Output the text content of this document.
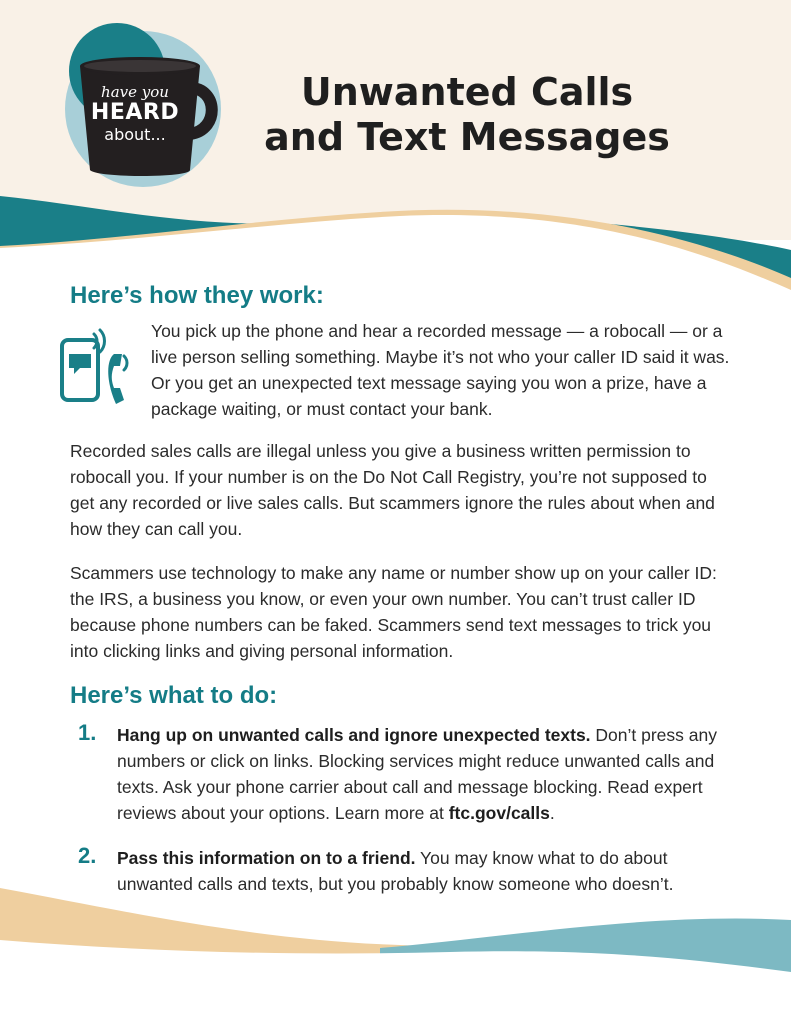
have you
HEARD
about...
Unwanted Calls
and Text Messages
Here’s how they work:

You pick up the phone and hear a recorded message — a robocall — or a live person selling something. Maybe it’s not who your caller ID said it was. Or you get an unexpected text message saying you won a prize, have a package waiting, or must contact your bank.

Recorded sales calls are illegal unless you give a business written permission to robocall you. If your number is on the Do Not Call Registry, you’re not supposed to get any recorded or live sales calls. But scammers ignore the rules about when and how they can call you.

Scammers use technology to make any name or number show up on your caller ID: the IRS, a business you know, or even your own number. You can’t trust caller ID because phone numbers can be faked. Scammers send text messages to trick you into clicking links and giving personal information.

Here’s what to do:

1. Hang up on unwanted calls and ignore unexpected texts. Don’t press any numbers or click on links. Blocking services might reduce unwanted calls and texts. Ask your phone carrier about call and message blocking. Read expert reviews about your options. Learn more at ftc.gov/calls.

2. Pass this information on to a friend. You may know what to do about unwanted calls and texts, but you probably know someone who doesn’t.
